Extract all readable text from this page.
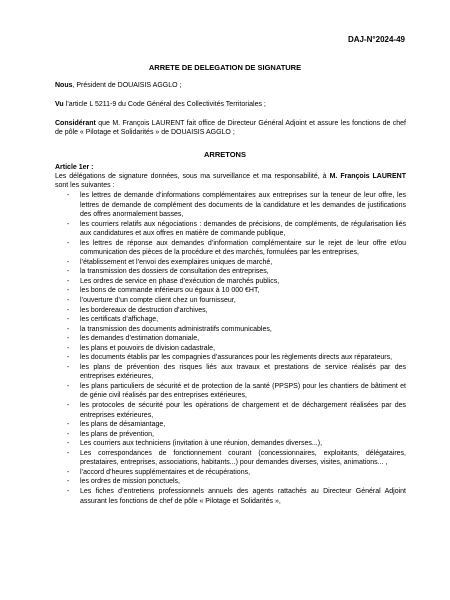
DAJ-N°2024-49
ARRETE DE DELEGATION DE SIGNATURE

Nous, Président de DOUAISIS AGGLO ;

Vu l’article L 5211-9 du Code Général des Collectivités Territoriales ;

Considérant que M. François LAURENT fait office de Directeur Général Adjoint et assure les fonctions de chef de pôle « Pilotage et Solidarités » de DOUAISIS AGGLO ;

ARRETONS
Article 1er :

Les délégations de signature données, sous ma surveillance et ma responsabilité, à M. François LAURENT sont les suivantes :

- les lettres de demande d’informations complémentaires aux entreprises sur la teneur de leur offre, les lettres de demande de complément des documents de la candidature et les demandes de justifications des offres anormalement basses,
- les courriers relatifs aux négociations : demandes de précisions, de compléments, de régularisation liés aux candidatures et aux offres en matière de commande publique,
- les lettres de réponse aux demandes d’information complémentaire sur le rejet de leur offre et/ou communication des pièces de la procédure et des marchés, formulées par les entreprises,
- l’établissement et l’envoi des exemplaires uniques de marché,
- la transmission des dossiers de consultation des entreprises,
- Les ordres de service en phase d’exécution de marchés publics,
- les bons de commande inférieurs ou égaux à 10 000 €HT,
- l’ouverture d’un compte client chez un fournisseur,
- les bordereaux de destruction d’archives,
- les certificats d’affichage,
- la transmission des documents administratifs communicables,
- les demandes d’estimation domaniale,
- les plans et pouvoirs de division cadastrale,
- les documents établis par les compagnies d’assurances pour les règlements directs aux réparateurs,
- les plans de prévention des risques liés aux travaux et prestations de service réalisés par des entreprises extérieures,
- les plans particuliers de sécurité et de protection de la santé (PPSPS) pour les chantiers de bâtiment et de génie civil réalisés par des entreprises extérieures,
- les protocoles de sécurité pour les opérations de chargement et de déchargement réalisées par des entreprises extérieures,
- les plans de désamiantage,
- les plans de prévention,
- Les courriers aux techniciens (invitation à une réunion, demandes diverses...),
- Les correspondances de fonctionnement courant (concessionnaires, exploitants, délégataires, prestataires, entreprises, associations, habitants...) pour demandes diverses, visites, animations... ,
- l’accord d’heures supplémentaires et de récupérations,
- les ordres de mission ponctuels,
- Les fiches d’entretiens professionnels annuels des agents rattachés au Directeur Général Adjoint assurant les fonctions de chef de pôle « Pilotage et Solidarités »,
